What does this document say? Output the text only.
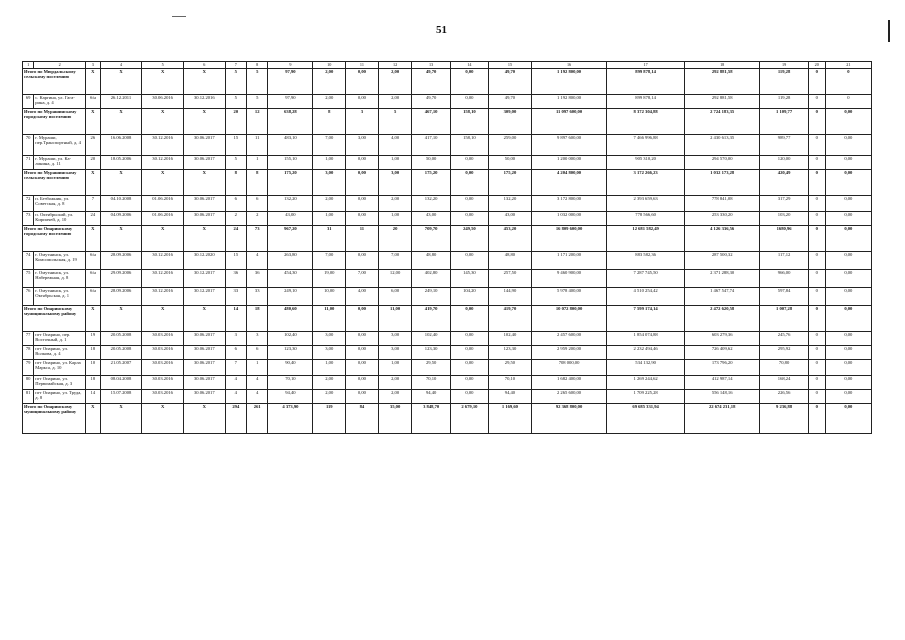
51
1	2	3	4	5	6	7	8	9	10	11	12	13	14	15	16	17	18	19	20	21
Итого по Мюрдальскому сельскому поселению		X	X	X	X	5	5	97,90	2,00	0,00	2,00	49,70	0,00	49,70	1 192 800,00	899 878,14	292 881,58	119,28	0	0
69	с. Каргина, ул. Гага-рина, д. 4	б/н	26.12.2011	30.06.2016	30.12.2016	5	5	97,90	2,00	0,00	2,00	49,70	0,00	49,70	1 192 800,00	899 878,14	292 881,58	119,28	0	0
Итого по Мурашинскому городскому поселению		X	X	X	X	20	12	638,28	8	3	5	467,10	158,10	309,00	11 097 600,00	8 372 304,88	2 724 183,35	1 109,77	0	0,00
70	г. Мураши, пер.Транспортный, д. 4	26	16.06.2008	30.12.2016	30.06.2017	15	11	483,10	7,00	3,00	4,00	417,10	158,10	259,00	9 897 600,00	7 466 996,88	2 430 613,35	989,77	0	0,00
71	г. Мураши, ул. Ка-линина, д. 11	20	18.05.2006	30.12.2016	30.06.2017	5	1	155,10	1,00	0,00	1,00	50,00	0,00	50,00	1 200 000,00	905 310,20	294 570,00	120,00	0	0,00
Итого по Мурашинскому сельскому поселению		X	X	X	X	8	8	175,20	3,00	0,00	3,00	175,20	0,00	175,20	4 204 800,00	3 172 266,23	1 032 173,28	420,49	0	0,00
72	п. Безбожник, ул. Советская, д. 8	7	04.10.2008	01.06.2016	30.06.2017	6	6	132,20	2,00	0,00	2,00	132,20	0,00	132,20	3 172 800,00	2 393 659,63	778 841,08	317,29	0	0,00
73	п. Октябрьский, ул. Кирпичей, д. 10	24	04.09.2006	01.06.2016	30.06.2017	2	2	43,00	1,00	0,00	1,00	43,00	0,00	43,00	1 032 000,00	778 566,60	253 330,20	103,20	0	0,00
Итого по Опаринскому городскому поселению		X	X	X	X	24	73	967,20	31	11	20	709,70	249,50	453,20	16 809 600,00	12 681 582,49	4 126 336,56	1680,96	0	0,00
74	г. Омутнинск, ул. Комсомольская, д. 19	б/н	28.09.2006	30.12.2016	30.12.2020	15	4	263,80	7,00	0,00	7,00	48,80	0,00	48,80	1 171 200,00	883 582,36	287 500,32	117,12	0	0,00
75	г. Омутнинск, ул. Набережная, д. 8	б/н	29.09.2006	30.12.2016	30.12.2017	36	36	454,30	19,00	7,00	12,00	402,80	145,30	257,50	9 460 900,00	7 287 745,50	2 371 288,30	966,00	0	0,00
76	г. Омутнинск, ул. Октябрьская, д. 1	б/н	28.09.2006	30.12.2016	30.12.2017	33	33	249,10	10,00	4,00	6,00	249,10	104,20	144,90	5 978 400,00	4 510 254,42	1 467 547,74	597,84	0	0,00
Итого по Опаринскому муниципальному району		X	X	X	X	14	18	480,60	11,00	0,00	11,00	419,70	0,00	419,70	10 072 800,00	7 599 174,14	2 472 620,58	1 007,28	0	0,00
77	пгт Опарино, пер. Восточный, д. 1	19	20.05.2008	30.03.2016	30.06.2017	3	3	102,40	3,00	0,00	3,00	102,40	0,00	102,40	2 457 600,00	1 854 074,88	603 279,36	245,76	0	0,00
78	пгт Опарино, ул. Волкова, д. 4	18	20.05.2008	30.03.2016	30.06.2017	6	6	123,30	3,00	0,00	3,00	123,30	0,00	123,30	2 959 200,00	2 232 494,46	726 409,62	295,92	0	0,00
79	пгт Опарино, ул. Карла Маркса, д. 10	10	21.05.2007	30.03.2016	30.06.2017	7	1	90,40	1,00	0,00	1,00	29,50	0,00	29,50	708 000,00	534 132,90	173 796,20	70,80	0	0,00
80	пгт Опарино, ул. Первомайская, д. 3	18	08.04.2008	30.03.2016	30.06.2017	4	4	70,10	2,00	0,00	2,00	70,10	0,00	70,10	1 682 400,00	1 269 244,62	412 987,14	168,24	0	0,00
81	пгт Опарино, ул. Труда, д. 8	14	15.07.2008	30.03.2016	30.06.2017	4	4	94,40	2,00	0,00	2,00	94,40	0,00	94,40	2 265 600,00	1 709 225,28	556 148,16	226,56	0	0,00
Итого по Опаринскому муниципальному району		X	X	X	X	294	261	4 373,90	119	84	35,00	3 848,70	2 679,10	1 169,60	92 368 800,00	69 685 331,94	22 674 231,18	9 236,88	0	0,00
